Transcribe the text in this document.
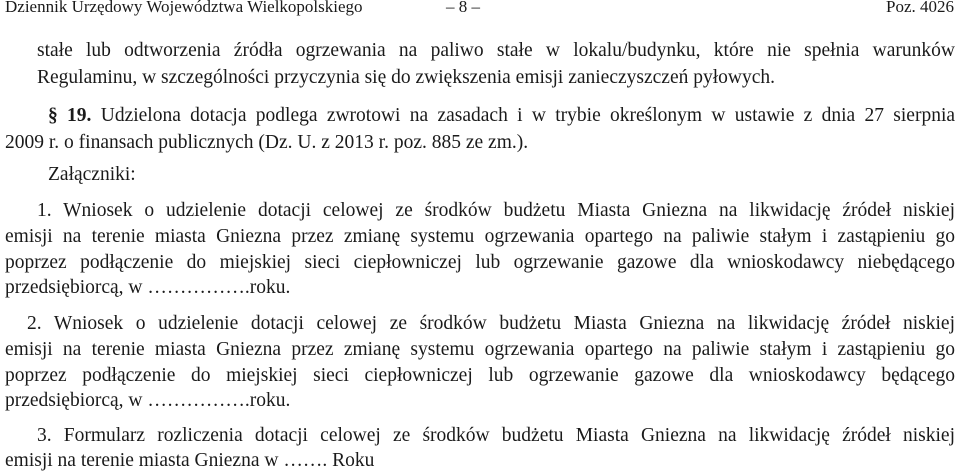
Dziennik Urzędowy Województwa Wielkopolskiego	– 8 –	Poz. 4026
stałe lub odtworzenia źródła ogrzewania na paliwo stałe w lokalu/budynku, które nie spełnia warunków
Regulaminu, w szczególności przyczynia się do zwiększenia emisji zanieczyszczeń pyłowych.
§ 19. Udzielona dotacja podlega zwrotowi na zasadach i w trybie określonym w ustawie z dnia 27 sierpnia
2009 r. o finansach publicznych (Dz. U. z 2013 r. poz. 885 ze zm.).
Załączniki:
1. Wniosek o udzielenie dotacji celowej ze środków budżetu Miasta Gniezna na likwidację źródeł niskiej
emisji na terenie miasta Gniezna przez zmianę systemu ogrzewania opartego na paliwie stałym i zastąpieniu go
poprzez podłączenie do miejskiej sieci ciepłowniczej lub ogrzewanie gazowe dla wnioskodawcy niebędącego
przedsiębiorcą, w …………….roku.
2. Wniosek o udzielenie dotacji celowej ze środków budżetu Miasta Gniezna na likwidację źródeł niskiej
emisji na terenie miasta Gniezna przez zmianę systemu ogrzewania opartego na paliwie stałym i zastąpieniu go
poprzez podłączenie do miejskiej sieci ciepłowniczej lub ogrzewanie gazowe dla wnioskodawcy będącego
przedsiębiorcą, w …………….roku.
3. Formularz rozliczenia dotacji celowej ze środków budżetu Miasta Gniezna na likwidację źródeł niskiej
emisji na terenie miasta Gniezna w ……. Roku
